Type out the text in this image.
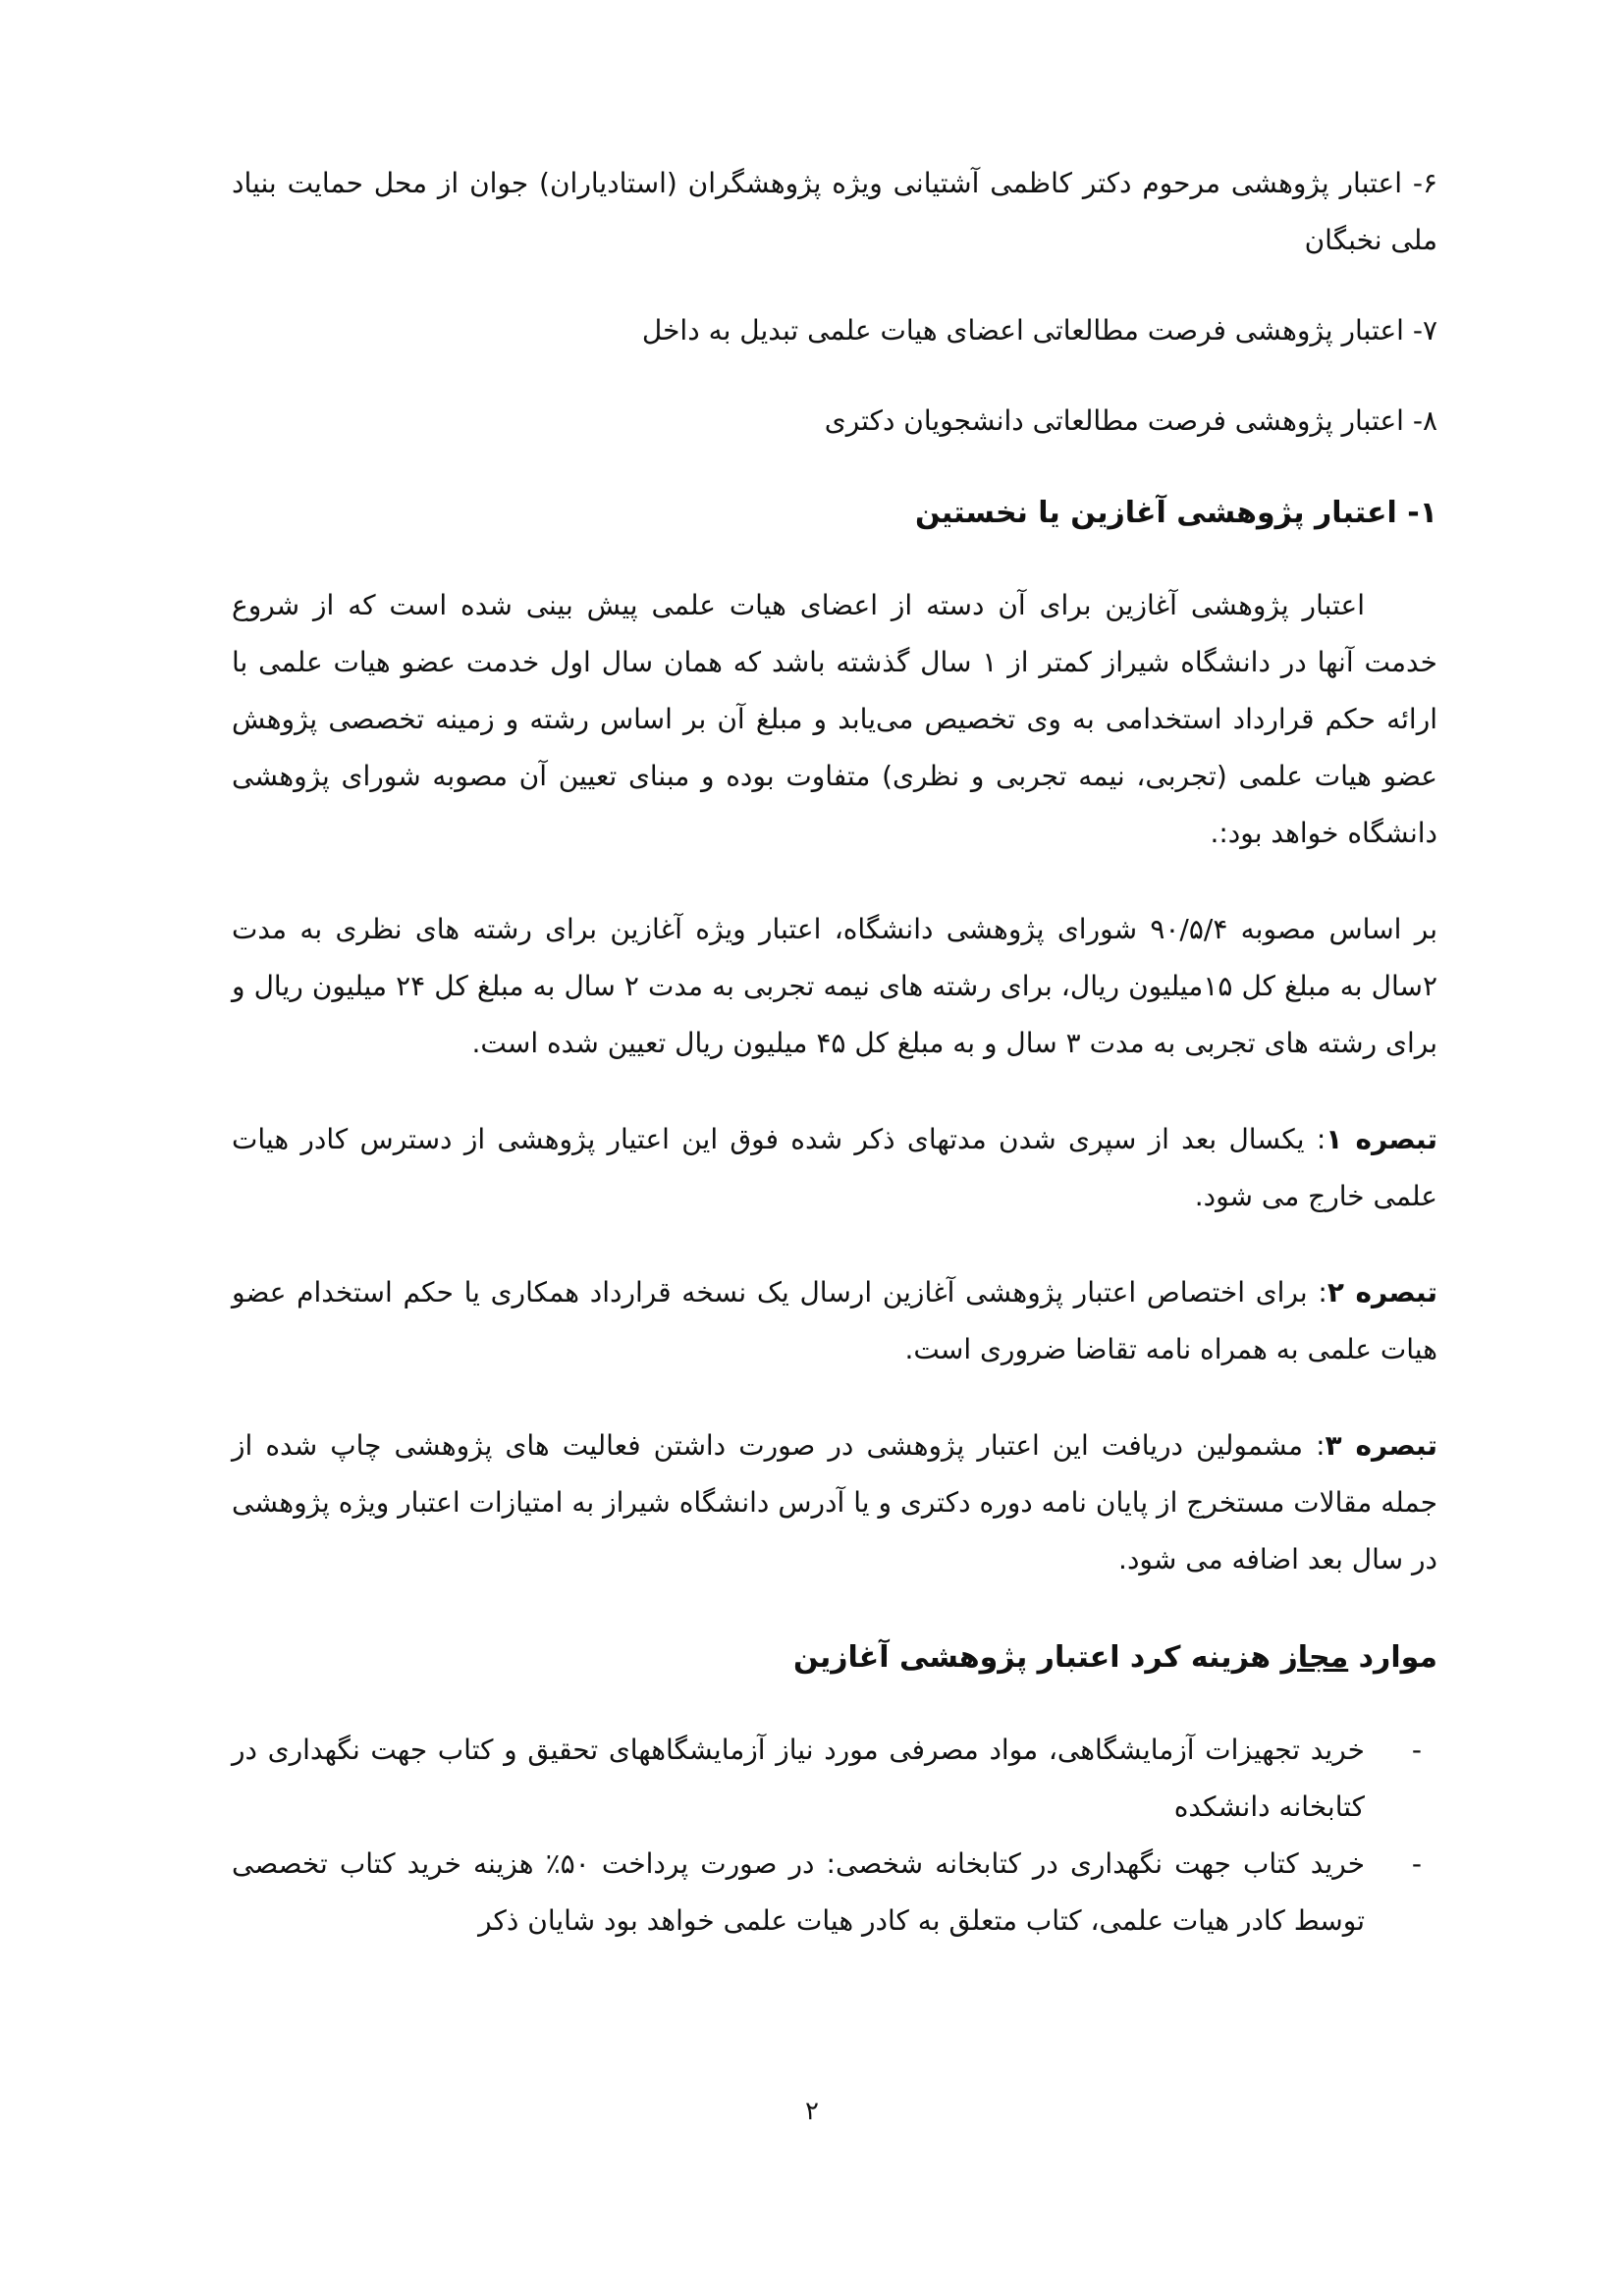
۶- اعتبار پژوهشی مرحوم دکتر کاظمی آشتیانی ویژه پژوهشگران (استادیاران) جوان از محل حمایت بنیاد ملی نخبگان

۷- اعتبار پژوهشی فرصت مطالعاتی اعضای هیات علمی تبدیل به داخل

۸- اعتبار پژوهشی فرصت مطالعاتی دانشجویان دکتری

۱- اعتبار پژوهشی آغازین یا نخستین

اعتبار پژوهشی آغازین برای آن دسته از اعضای هیات علمی پیش بینی شده است که از شروع خدمت آنها در دانشگاه شیراز کمتر از ۱ سال گذشته باشد که همان سال اول خدمت عضو هیات علمی با ارائه حکم قرارداد استخدامی به وی تخصیص می‌یابد و مبلغ آن بر اساس رشته و زمینه تخصصی پژوهش عضو هیات علمی (تجربی، نیمه تجربی و نظری) متفاوت بوده و مبنای تعیین آن مصوبه شورای پژوهشی دانشگاه خواهد بود:.

بر اساس مصوبه ۹۰/۵/۴ شورای پژوهشی دانشگاه، اعتبار ویژه آغازین برای رشته های نظری به مدت ۲سال به مبلغ کل ۱۵میلیون ریال، برای رشته های نیمه تجربی به مدت ۲ سال به مبلغ کل ۲۴ میلیون ریال و برای رشته های تجربی به مدت ۳ سال و به مبلغ کل ۴۵ میلیون ریال تعیین شده است.

تبصره ۱: یکسال بعد از سپری شدن مدتهای ذکر شده فوق این اعتیار پژوهشی از دسترس کادر هیات علمی خارج می شود.

تبصره ۲: برای اختصاص اعتبار پژوهشی آغازین ارسال یک نسخه قرارداد همکاری یا حکم استخدام عضو هیات علمی به همراه نامه تقاضا ضروری است.

تبصره ۳: مشمولین دریافت این اعتبار پژوهشی در صورت داشتن فعالیت های پژوهشی چاپ شده از جمله مقالات مستخرج از پایان نامه دوره دکتری و یا آدرس دانشگاه شیراز به امتیازات اعتبار ویژه پژوهشی در سال بعد اضافه می شود.

موارد مجاز هزینه کرد اعتبار پژوهشی آغازین
-
خرید تجهیزات آزمایشگاهی، مواد مصرفی مورد نیاز آزمایشگاههای تحقیق و کتاب جهت نگهداری در کتابخانه دانشکده
-
خرید کتاب جهت نگهداری در کتابخانه شخصی: در صورت پرداخت ۵۰٪ هزینه خرید کتاب تخصصی توسط کادر هیات علمی، کتاب متعلق به کادر هیات علمی خواهد بود شایان ذکر
۲
